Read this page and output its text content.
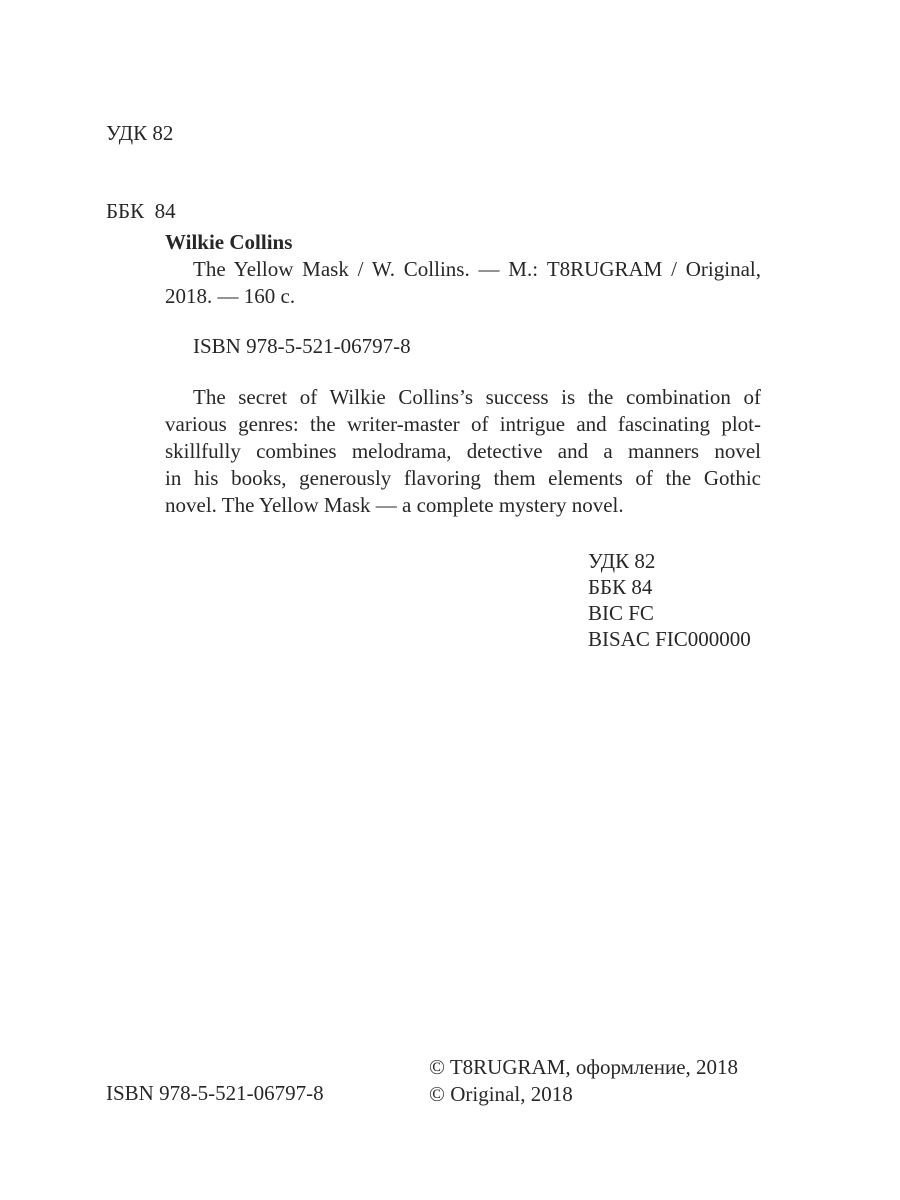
УДК 82

ББК  84

Wilkie Collins
The Yellow Mask / W. Collins. — М.: T8RUGRAM / Original,
2018. — 160 с.
ISBN 978-5-521-06797-8
The secret of Wilkie Collins’s success is the combination of
various genres: the writer-master of intrigue and fascinating plot-
skillfully combines melodrama, detective and a manners novel
in his books, generously flavoring them elements of the Gothic
novel. The Yellow Mask — a complete mystery novel.
УДК 82
ББК 84
BIC FC
BISAC FIC000000
ISBN 978-5-521-06797-8
© T8RUGRAM, оформление, 2018
© Original, 2018
